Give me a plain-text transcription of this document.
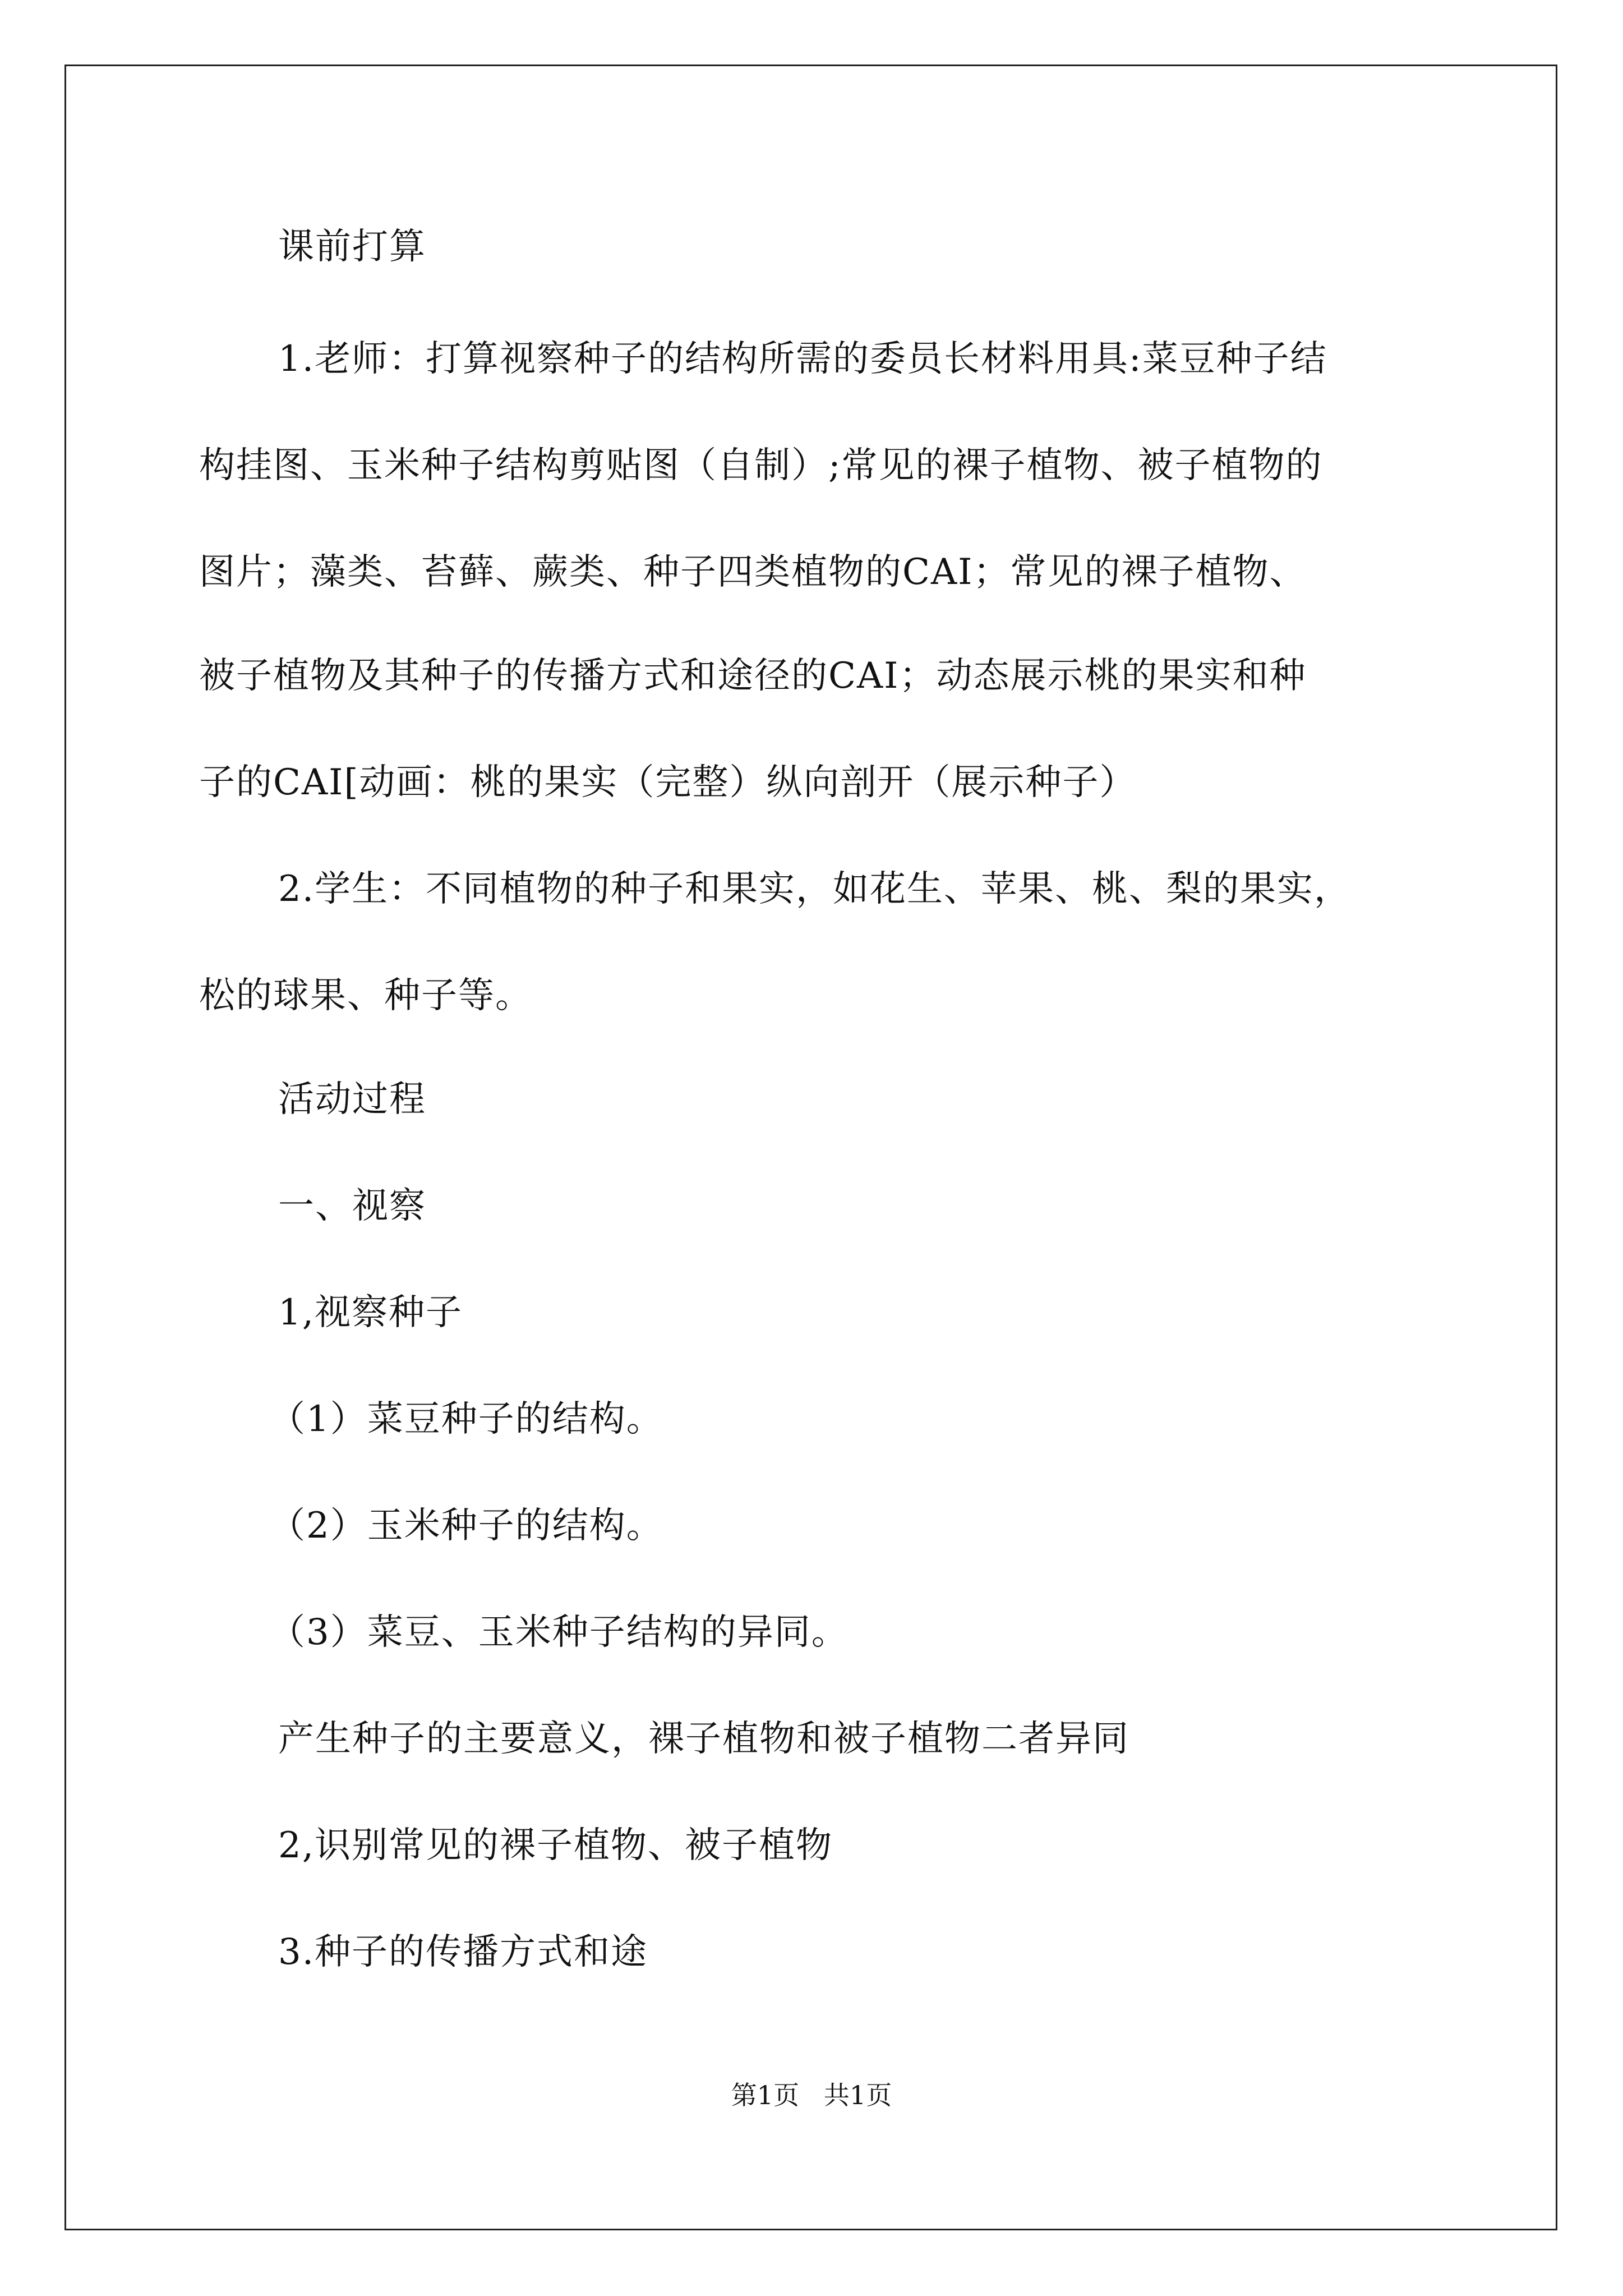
课前打算
1.老师：打算视察种子的结构所需的委员长材料用具:菜豆种子结
构挂图、玉米种子结构剪贴图（自制）;常见的裸子植物、被子植物的
图片；藻类、苔藓、蕨类、种子四类植物的CAI；常见的裸子植物、
被子植物及其种子的传播方式和途径的CAI；动态展示桃的果实和种
子的CAI[动画：桃的果实（完整）纵向剖开（展示种子）
2.学生：不同植物的种子和果实，如花生、苹果、桃、梨的果实，
松的球果、种子等。
活动过程
一、视察
1,视察种子
（1）菜豆种子的结构。
（2）玉米种子的结构。
（3）菜豆、玉米种子结构的异同。
产生种子的主要意义，裸子植物和被子植物二者异同
2,识别常见的裸子植物、被子植物
3.种子的传播方式和途
第1页   共1页
